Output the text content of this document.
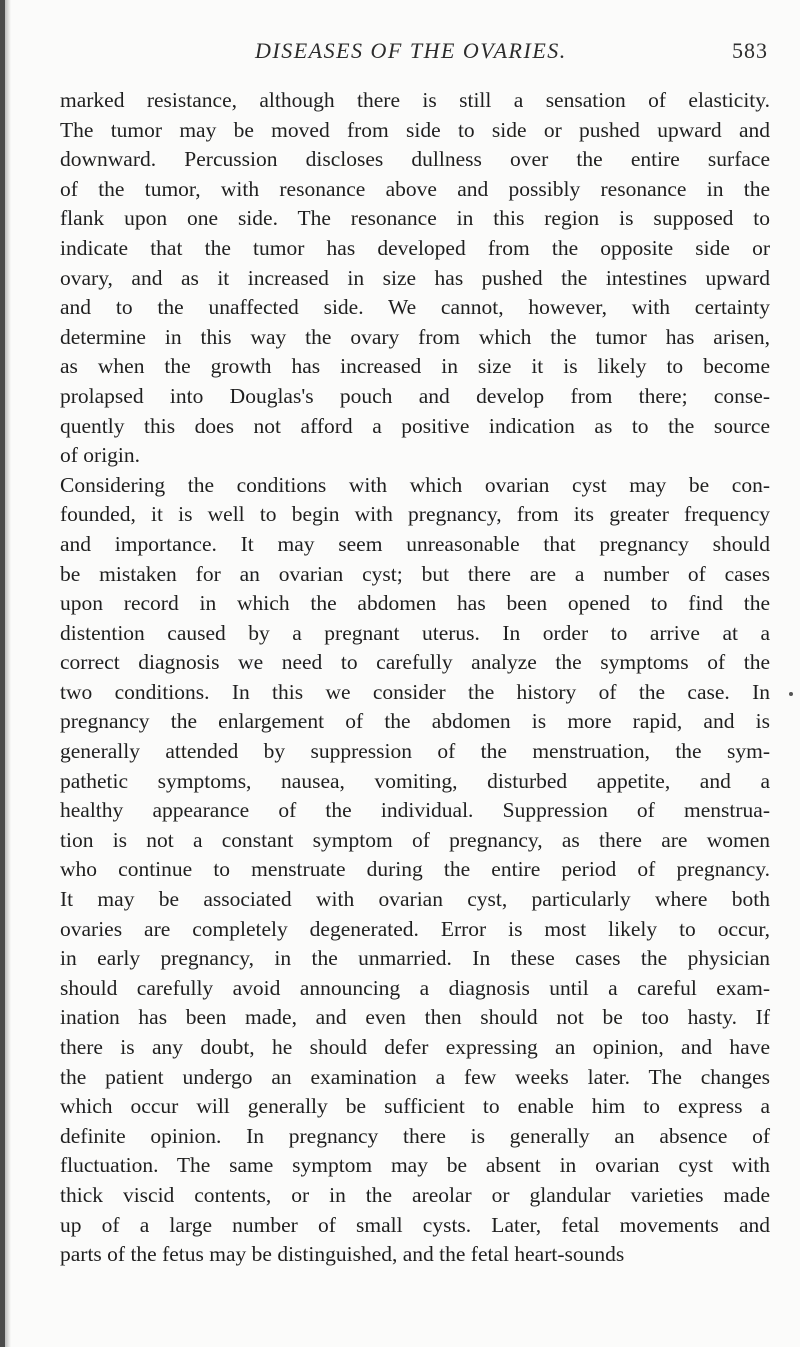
DISEASES OF THE OVARIES.	583
marked resistance, although there is still a sensation of elasticity.
The tumor may be moved from side to side or pushed upward and
downward. Percussion discloses dullness over the entire surface
of the tumor, with resonance above and possibly resonance in the
flank upon one side. The resonance in this region is supposed to
indicate that the tumor has developed from the opposite side or
ovary, and as it increased in size has pushed the intestines upward
and to the unaffected side. We cannot, however, with certainty
determine in this way the ovary from which the tumor has arisen,
as when the growth has increased in size it is likely to become
prolapsed into Douglas's pouch and develop from there; conse-
quently this does not afford a positive indication as to the source
of origin.
Considering the conditions with which ovarian cyst may be con-
founded, it is well to begin with pregnancy, from its greater frequency
and importance. It may seem unreasonable that pregnancy should
be mistaken for an ovarian cyst; but there are a number of cases
upon record in which the abdomen has been opened to find the
distention caused by a pregnant uterus. In order to arrive at a
correct diagnosis we need to carefully analyze the symptoms of the
two conditions. In this we consider the history of the case. In
pregnancy the enlargement of the abdomen is more rapid, and is
generally attended by suppression of the menstruation, the sym-
pathetic symptoms, nausea, vomiting, disturbed appetite, and a
healthy appearance of the individual. Suppression of menstrua-
tion is not a constant symptom of pregnancy, as there are women
who continue to menstruate during the entire period of pregnancy.
It may be associated with ovarian cyst, particularly where both
ovaries are completely degenerated. Error is most likely to occur,
in early pregnancy, in the unmarried. In these cases the physician
should carefully avoid announcing a diagnosis until a careful exam-
ination has been made, and even then should not be too hasty. If
there is any doubt, he should defer expressing an opinion, and have
the patient undergo an examination a few weeks later. The changes
which occur will generally be sufficient to enable him to express a
definite opinion. In pregnancy there is generally an absence of
fluctuation. The same symptom may be absent in ovarian cyst with
thick viscid contents, or in the areolar or glandular varieties made
up of a large number of small cysts. Later, fetal movements and
parts of the fetus may be distinguished, and the fetal heart-sounds
